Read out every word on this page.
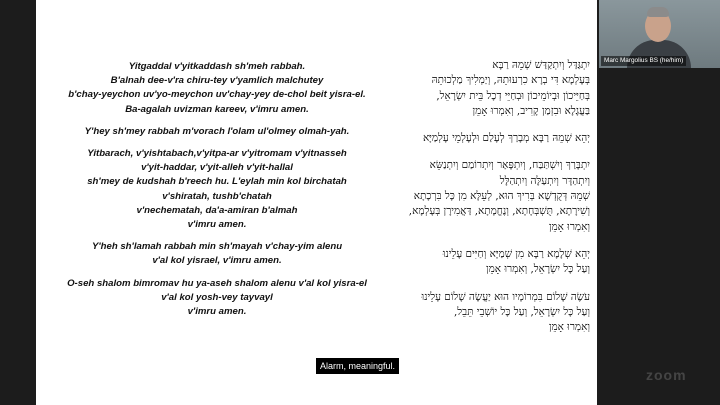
Yitgaddal v'yitkaddash sh'meh rabbah.
B'alnah dee-v'ra chiru-tey v'yamlich malchutey
b'chay-yeychon uv'yo-meychon uv'chay-yey de-chol beit yisra-el.
Ba-agalah uvizman kareev, v'imru amen.
Y'hey sh'mey rabbah m'vorach l'olam ul'olmey olmah-yah.
Yitbarach, v'yishtabach,v'yitpa-ar v'yitromam v'yitnasseh
v'yit-haddar, v'yit-alleh v'yit-hallal
sh'mey de kudshah b'reech hu. L'eylah min kol birchatah
v'shiratah, tushb'chatah
v'nechematah, da'a-amiran b'almah
v'imru amen.
Y'heh sh'lamah rabbah min sh'mayah v'chay-yim alenu
v'al kol yisrael, v'imru amen.
O-seh shalom bimromav hu ya-aseh shalom alenu v'al kol yisra-el
v'al kol yosh-vey tayvayl
v'imru amen.
יִתְגַּדַּל וְיִתְקַדַּשׁ שְׁמֵהּ רַבָּא
בְּעָלְמָא דִּי בְרָא כִרְעוּתֵהּ, וְיַמְלִיךְ מַלְכוּתֵהּ
בְּחַיֵּיכוֹן וּבְיוֹמֵיכוֹן וּבְחַיֵּי דְכָל בֵּית יִשְׂרָאֵל,
בַּעֲגָלָא וּבִזְמַן קָרִיב, וְאִמְרוּ אָמֵן
יְהֵא שְׁמֵהּ רַבָּא מְבָרַךְ לְעָלַם וּלְעָלְמֵי עָלְמַיָּא
יִתְבָּרַךְ וְיִשְׁתַּבַּח, וְיִתְפָּאַר וְיִתְרוֹמַם וְיִתְנַשֵּׂא
וְיִתְהַדָּר וְיִתְעַלֶּה וְיִתְהַלָּל
שְׁמֵהּ דְּקֻדְשָׁא בְּרִיךְ הוּא, לְעֵלָּא מִן כָּל בִּרְכָתָא
וְשִׁירָתָא, תֻּשְׁבְּחָתָא, וְנֶחֱמָתָא, דַּאֲמִירָן בְּעָלְמָא,
וְאִמְרוּ אָמֵן
יְהֵא שְׁלָמָא רַבָּא מִן שְׁמַיָּא וְחַיִּים עָלֵינוּ
וְעַל כָּל יִשְׂרָאֵל, וְאִמְרוּ אָמֵן
עֹשֶׂה שָׁלוֹם בִּמְרוֹמָיו הוּא יַעֲשֶׂה שָׁלוֹם עָלֵינוּ
וְעַל כָּל יִשְׂרָאֵל, וְעַל כָּל יוֹשְׁבֵי תֵּבֵל,
וְאִמְרוּ אָמֵן
Marc Margolius BS (he/him)
Alarm, meaningful.
zoom
